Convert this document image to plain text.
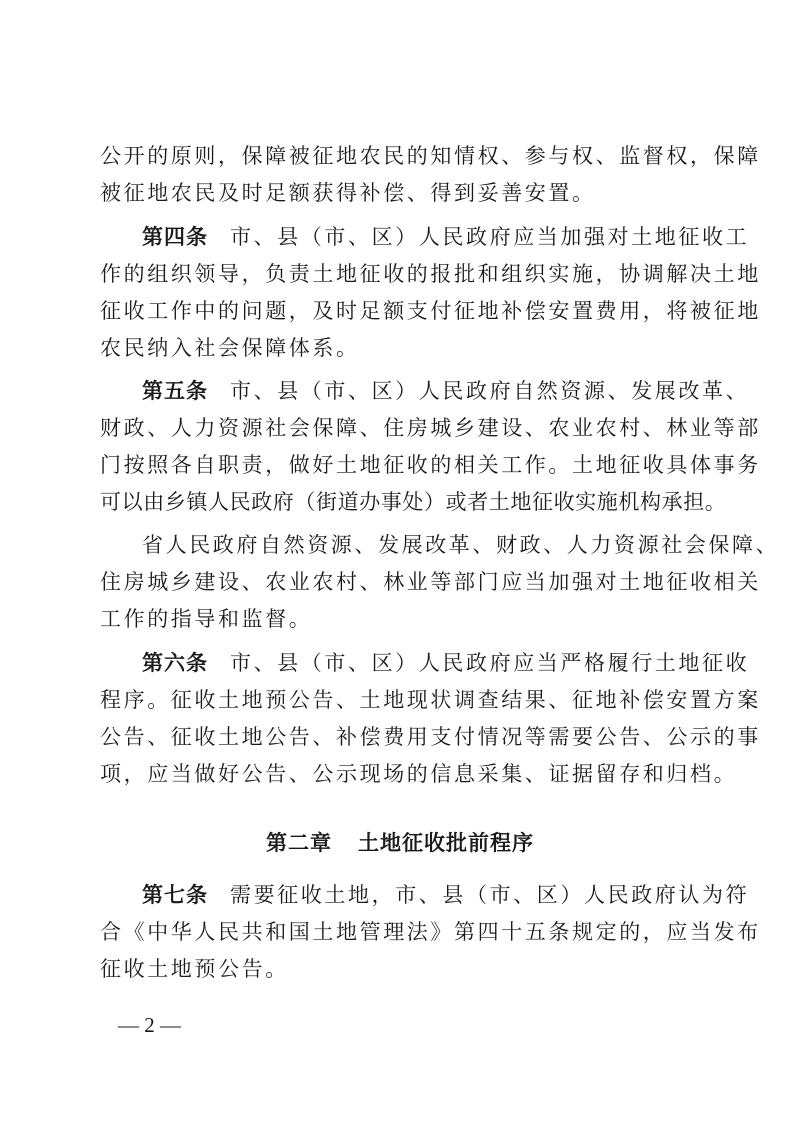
公开的原则，保障被征地农民的知情权、参与权、监督权，保障
被征地农民及时足额获得补偿、得到妥善安置。
第四条 市、县（市、区）人民政府应当加强对土地征收工
作的组织领导，负责土地征收的报批和组织实施，协调解决土地
征收工作中的问题，及时足额支付征地补偿安置费用，将被征地
农民纳入社会保障体系。
第五条 市、县（市、区）人民政府自然资源、发展改革、
财政、人力资源社会保障、住房城乡建设、农业农村、林业等部
门按照各自职责，做好土地征收的相关工作。土地征收具体事务
可以由乡镇人民政府（街道办事处）或者土地征收实施机构承担。
省人民政府自然资源、发展改革、财政、人力资源社会保障、
住房城乡建设、农业农村、林业等部门应当加强对土地征收相关
工作的指导和监督。
第六条 市、县（市、区）人民政府应当严格履行土地征收
程序。征收土地预公告、土地现状调查结果、征地补偿安置方案
公告、征收土地公告、补偿费用支付情况等需要公告、公示的事
项，应当做好公告、公示现场的信息采集、证据留存和归档。
第二章 土地征收批前程序
第七条 需要征收土地，市、县（市、区）人民政府认为符
合《中华人民共和国土地管理法》第四十五条规定的，应当发布
征收土地预公告。
— 2 —
